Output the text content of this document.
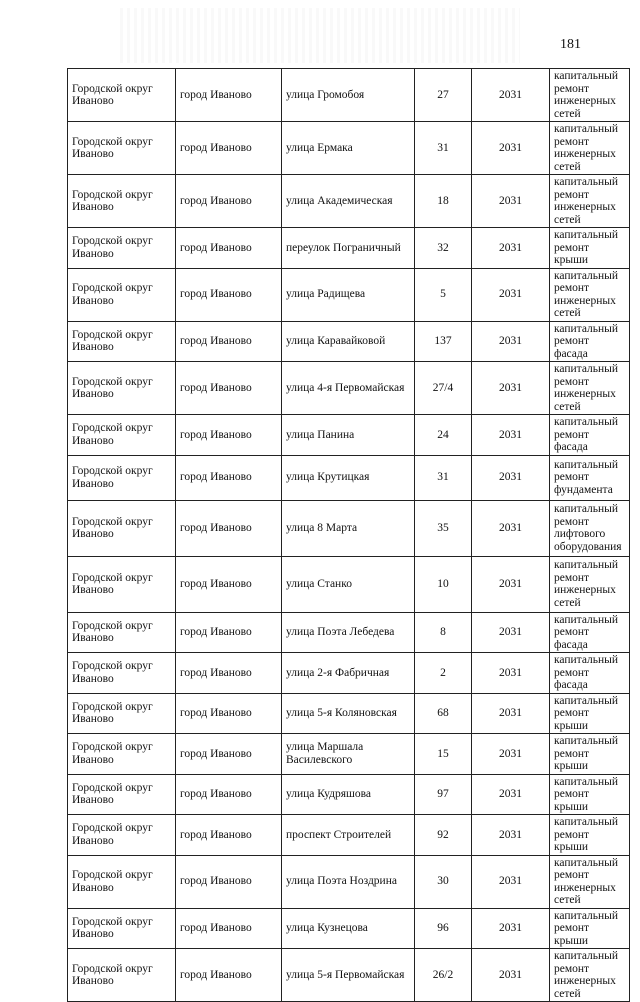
181
Городской округ Иваново	город Иваново	улица Громобоя	27	2031	капитальный ремонт инженерных сетей
Городской округ Иваново	город Иваново	улица Ермака	31	2031	капитальный ремонт инженерных сетей
Городской округ Иваново	город Иваново	улица Академическая	18	2031	капитальный ремонт инженерных сетей
Городской округ Иваново	город Иваново	переулок Пограничный	32	2031	капитальный ремонт крыши
Городской округ Иваново	город Иваново	улица Радищева	5	2031	капитальный ремонт инженерных сетей
Городской округ Иваново	город Иваново	улица Каравайковой	137	2031	капитальный ремонт фасада
Городской округ Иваново	город Иваново	улица 4-я Первомайская	27/4	2031	капитальный ремонт инженерных сетей
Городской округ Иваново	город Иваново	улица Панина	24	2031	капитальный ремонт фасада
Городской округ Иваново	город Иваново	улица Крутицкая	31	2031	капитальный ремонт фундамента
Городской округ Иваново	город Иваново	улица 8 Марта	35	2031	капитальный ремонт лифтового оборудования
Городской округ Иваново	город Иваново	улица Станко	10	2031	капитальный ремонт инженерных сетей
Городской округ Иваново	город Иваново	улица Поэта Лебедева	8	2031	капитальный ремонт фасада
Городской округ Иваново	город Иваново	улица 2-я Фабричная	2	2031	капитальный ремонт фасада
Городской округ Иваново	город Иваново	улица 5-я Коляновская	68	2031	капитальный ремонт крыши
Городской округ Иваново	город Иваново	улица Маршала Василевского	15	2031	капитальный ремонт крыши
Городской округ Иваново	город Иваново	улица Кудряшова	97	2031	капитальный ремонт крыши
Городской округ Иваново	город Иваново	проспект Строителей	92	2031	капитальный ремонт крыши
Городской округ Иваново	город Иваново	улица Поэта Ноздрина	30	2031	капитальный ремонт инженерных сетей
Городской округ Иваново	город Иваново	улица Кузнецова	96	2031	капитальный ремонт крыши
Городской округ Иваново	город Иваново	улица 5-я Первомайская	26/2	2031	капитальный ремонт инженерных сетей
